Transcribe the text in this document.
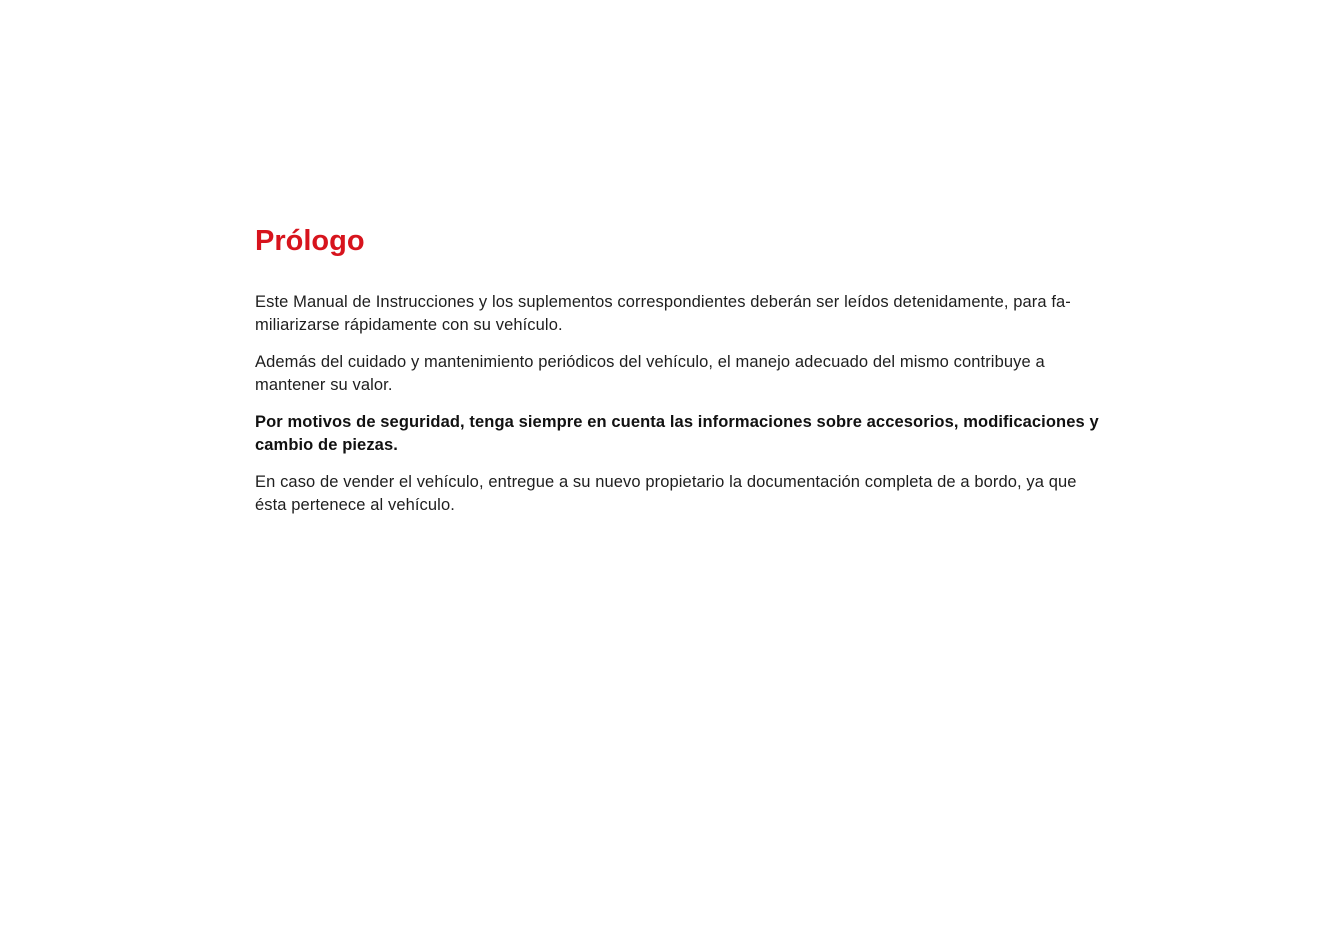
Prólogo

Este Manual de Instrucciones y los suplementos correspondientes deberán ser leídos detenidamente, para fa-
miliarizarse rápidamente con su vehículo.

Además del cuidado y mantenimiento periódicos del vehículo, el manejo adecuado del mismo contribuye a
mantener su valor.

Por motivos de seguridad, tenga siempre en cuenta las informaciones sobre accesorios, modificaciones y
cambio de piezas.

En caso de vender el vehículo, entregue a su nuevo propietario la documentación completa de a bordo, ya que
ésta pertenece al vehículo.
